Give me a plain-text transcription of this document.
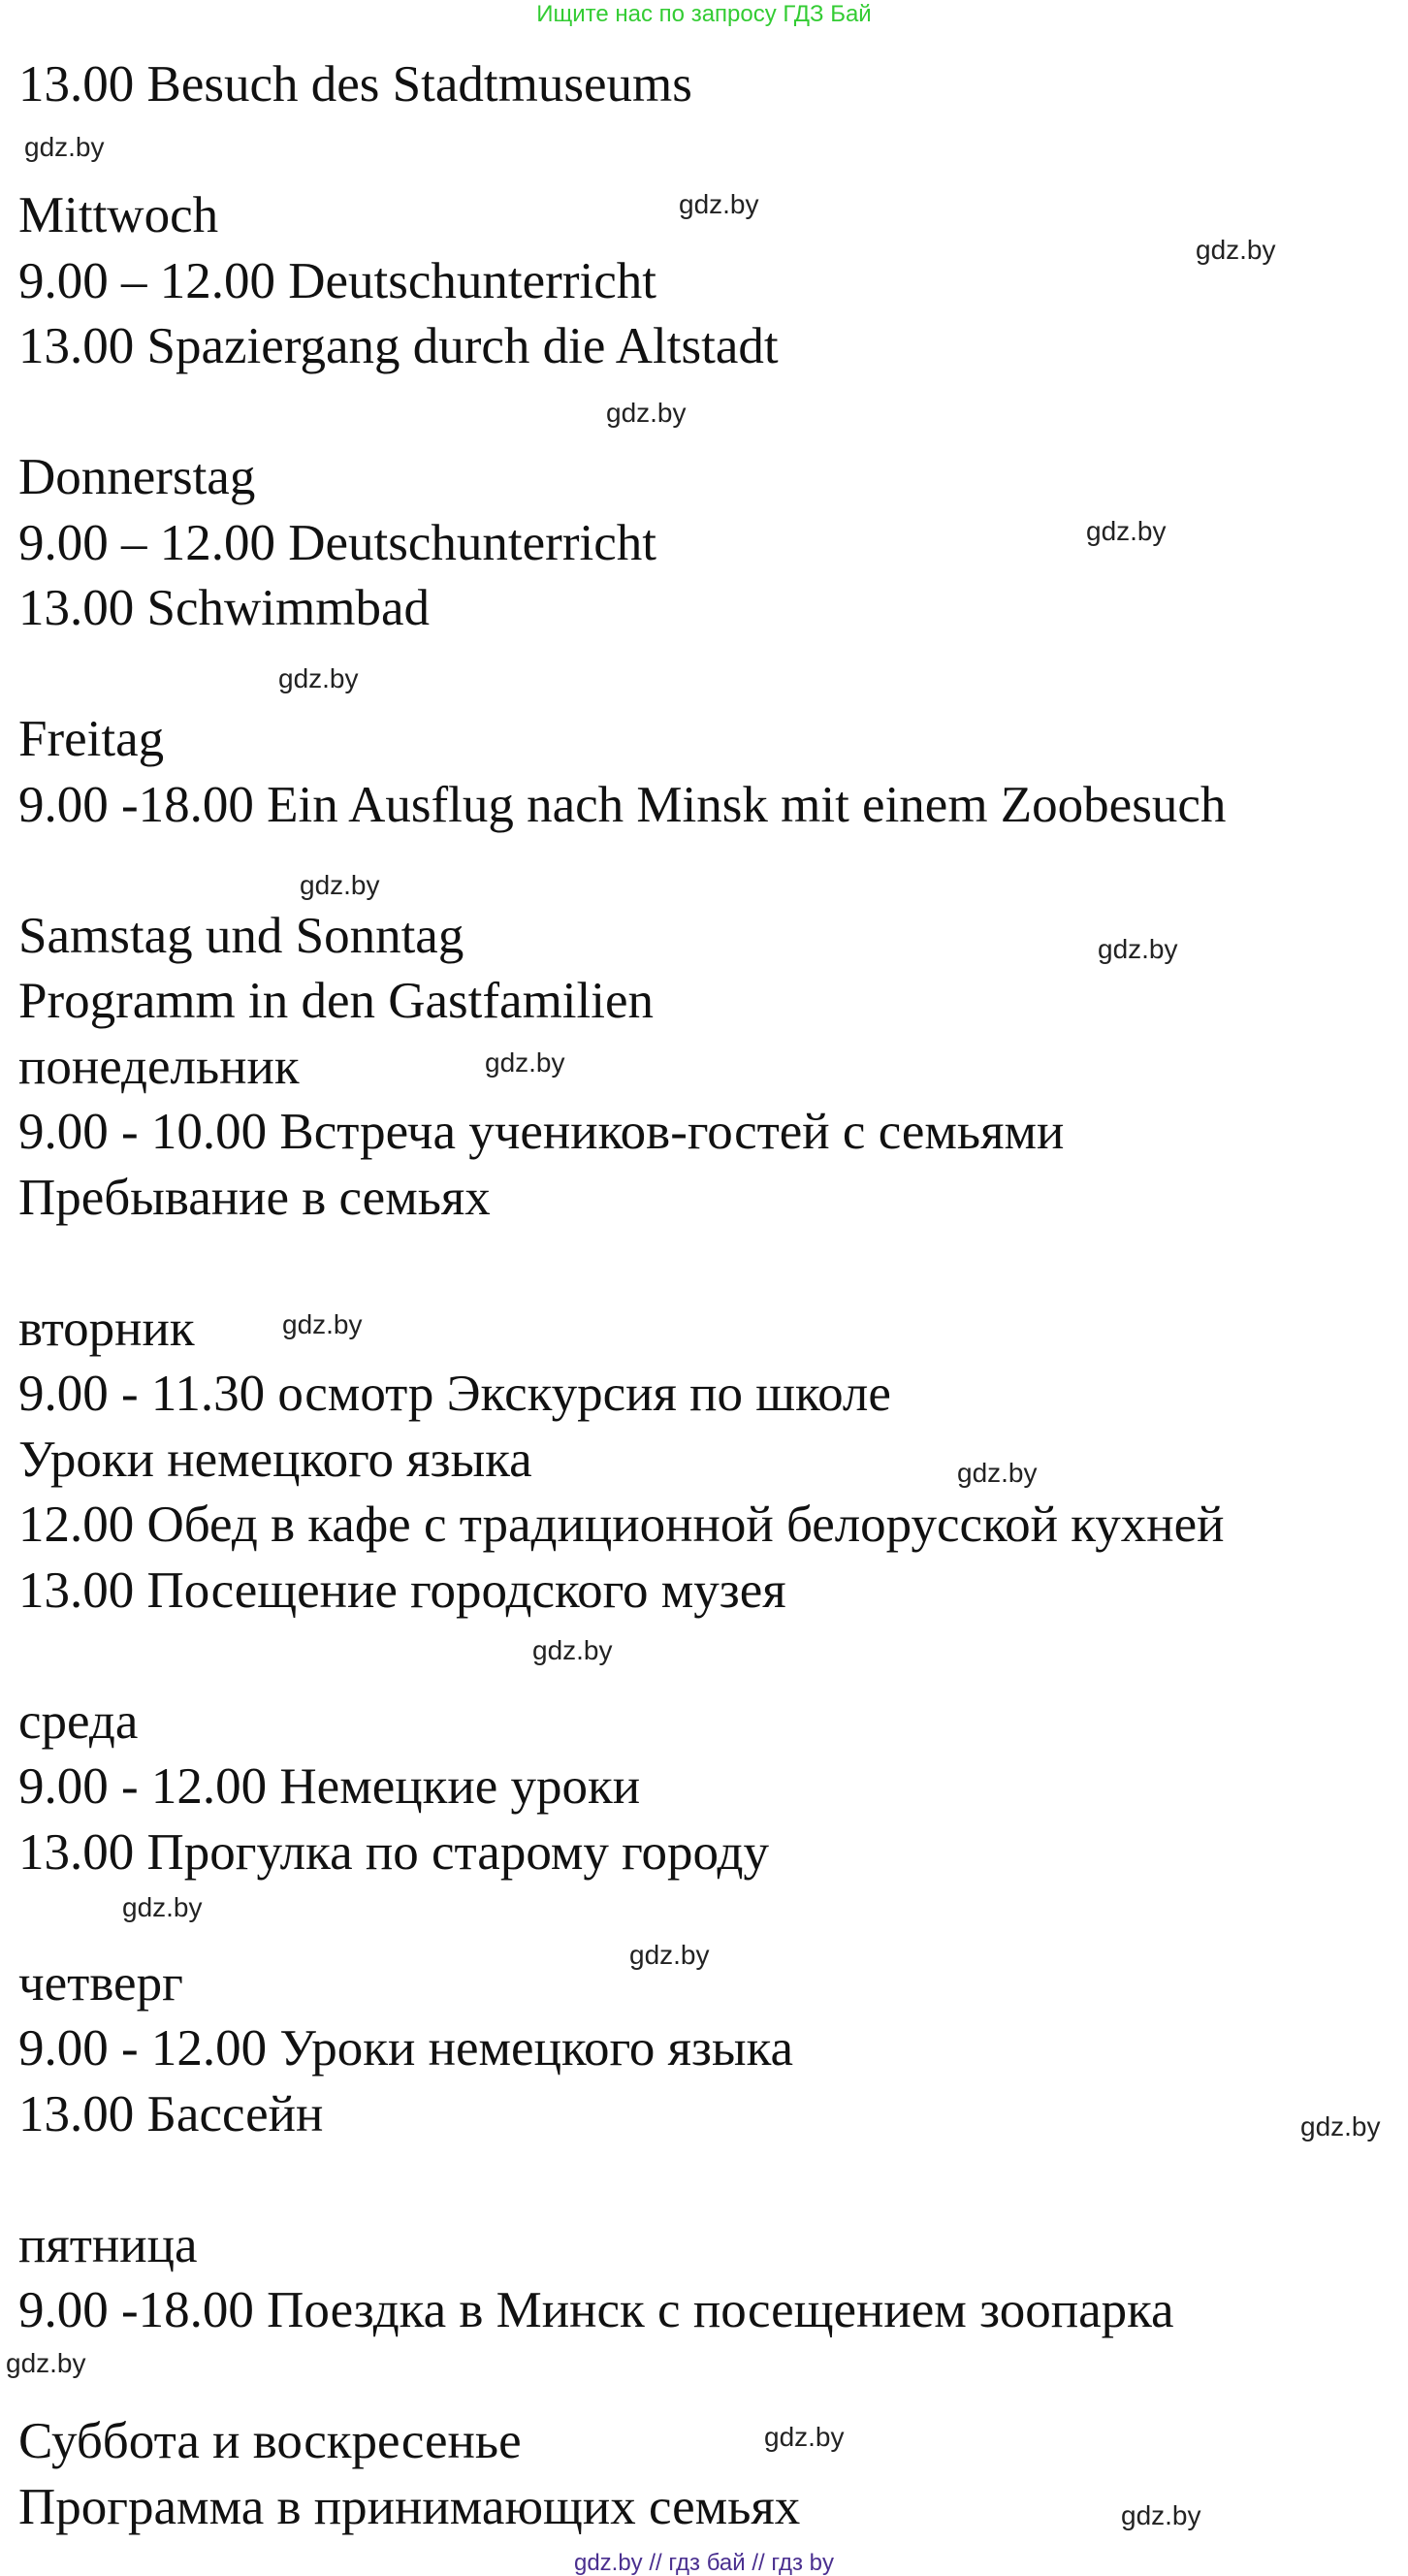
Ищите нас по запросу ГДЗ Бай
13.00 Besuch des Stadtmuseums
Mittwoch
9.00 – 12.00 Deutschunterricht
13.00 Spaziergang durch die Altstadt
Donnerstag
9.00 – 12.00 Deutschunterricht
13.00 Schwimmbad
Freitag
9.00 -18.00 Ein Ausflug nach Minsk mit einem Zoobesuch
Samstag und Sonntag
Programm in den Gastfamilien
понедельник
9.00 - 10.00 Встреча учеников-гостей с семьями
Пребывание в семьях
вторник
9.00 - 11.30 осмотр Экскурсия по школе
Уроки немецкого языка
12.00 Обед в кафе с традиционной белорусской кухней
13.00 Посещение городского музея
среда
9.00 - 12.00 Немецкие уроки
13.00 Прогулка по старому городу
четверг
9.00 - 12.00 Уроки немецкого языка
13.00 Бассейн
пятница
9.00 -18.00 Поездка в Минск с посещением зоопарка
Суббота и воскресенье
Программа в принимающих семьях
gdz.by
gdz.by
gdz.by
gdz.by
gdz.by
gdz.by
gdz.by
gdz.by
gdz.by
gdz.by
gdz.by
gdz.by
gdz.by
gdz.by
gdz.by
gdz.by
gdz.by
gdz.by
gdz.by // гдз бай // гдз by
